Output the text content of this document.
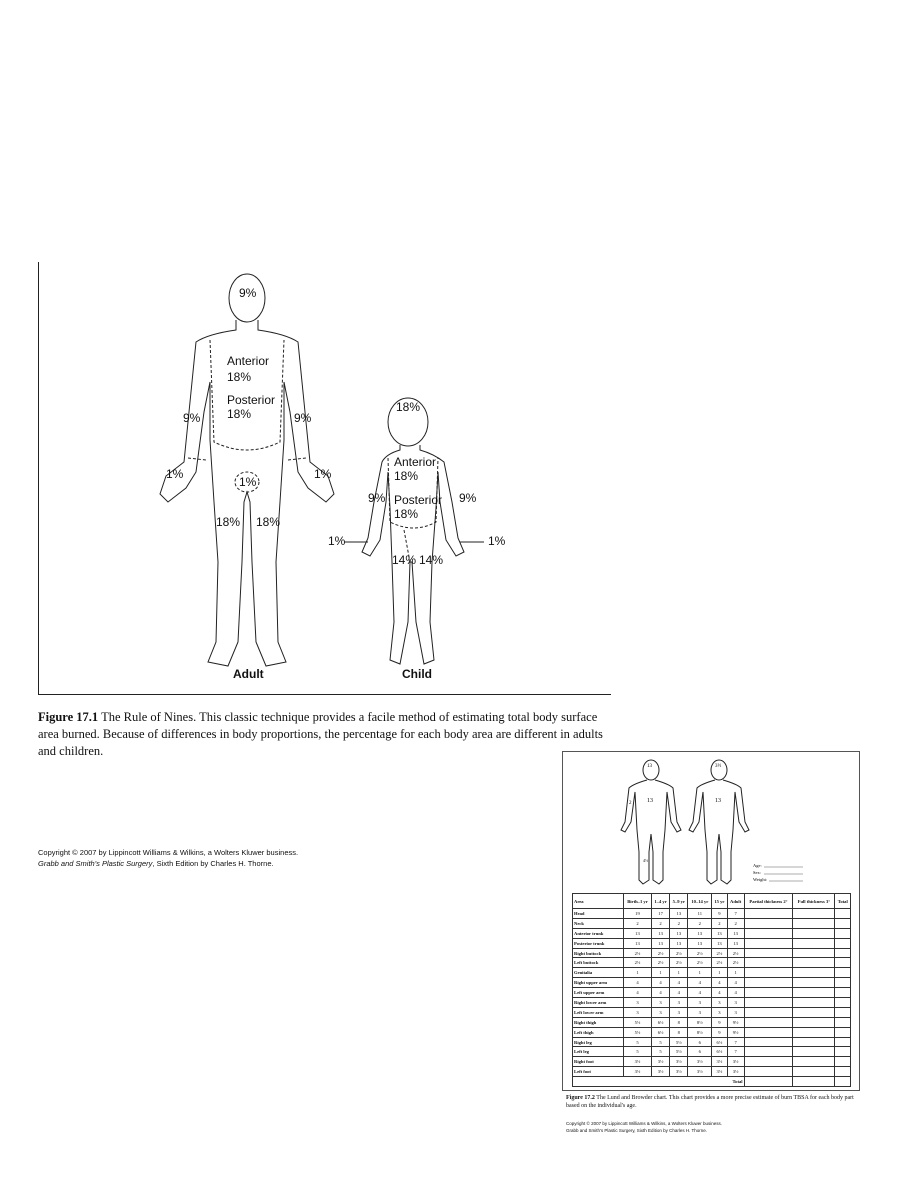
9%
Anterior
18%
Posterior
18%
9%	9%
1%	1%
1%
18% 18%
Adult
18%
Anterior
18%
Posterior
18%
9%	9%
1%	1%
14% 14%
Child
Figure 17.1 The Rule of Nines. This classic technique provides a facile method of estimating total body surface area burned. Because of differences in body proportions, the percentage for each body area are different in adults and children.
Copyright © 2007 by Lippincott Williams & Wilkins, a Wolters Kluwer business.
Grabb and Smith's Plastic Surgery, Sixth Edition by Charles H. Thorne.
13
13
2
4½
3½
13
Age:
Sex:
Weight:
Area	Birth–1 yr	1–4 yr	5–9 yr	10–14 yr	15 yr	Adult	Partial thickness 2°	Full thickness 3°	Total
Head	19	17	13	11	9	7			
Neck	2	2	2	2	2	2			
Anterior trunk	13	13	13	13	13	13			
Posterior trunk	13	13	13	13	13	13			
Right buttock	2½	2½	2½	2½	2½	2½			
Left buttock	2½	2½	2½	2½	2½	2½			
Genitalia	1	1	1	1	1	1			
Right upper arm	4	4	4	4	4	4			
Left upper arm	4	4	4	4	4	4			
Right lower arm	3	3	3	3	3	3			
Left lower arm	3	3	3	3	3	3			
Right thigh	5½	6½	8	8½	9	9½			
Left thigh	5½	6½	8	8½	9	9½			
Right leg	5	5	5½	6	6½	7			
Left leg	5	5	5½	6	6½	7			
Right foot	3½	3½	3½	3½	3½	3½			
Left foot	3½	3½	3½	3½	3½	3½			
Total									
Figure 17.2 The Lund and Browder chart. This chart provides a more precise estimate of burn TBSA for each body part based on the individual's age.
Copyright © 2007 by Lippincott Williams & Wilkins, a Wolters Kluwer business.
Grabb and Smith's Plastic Surgery, Sixth Edition by Charles H. Thorne.
